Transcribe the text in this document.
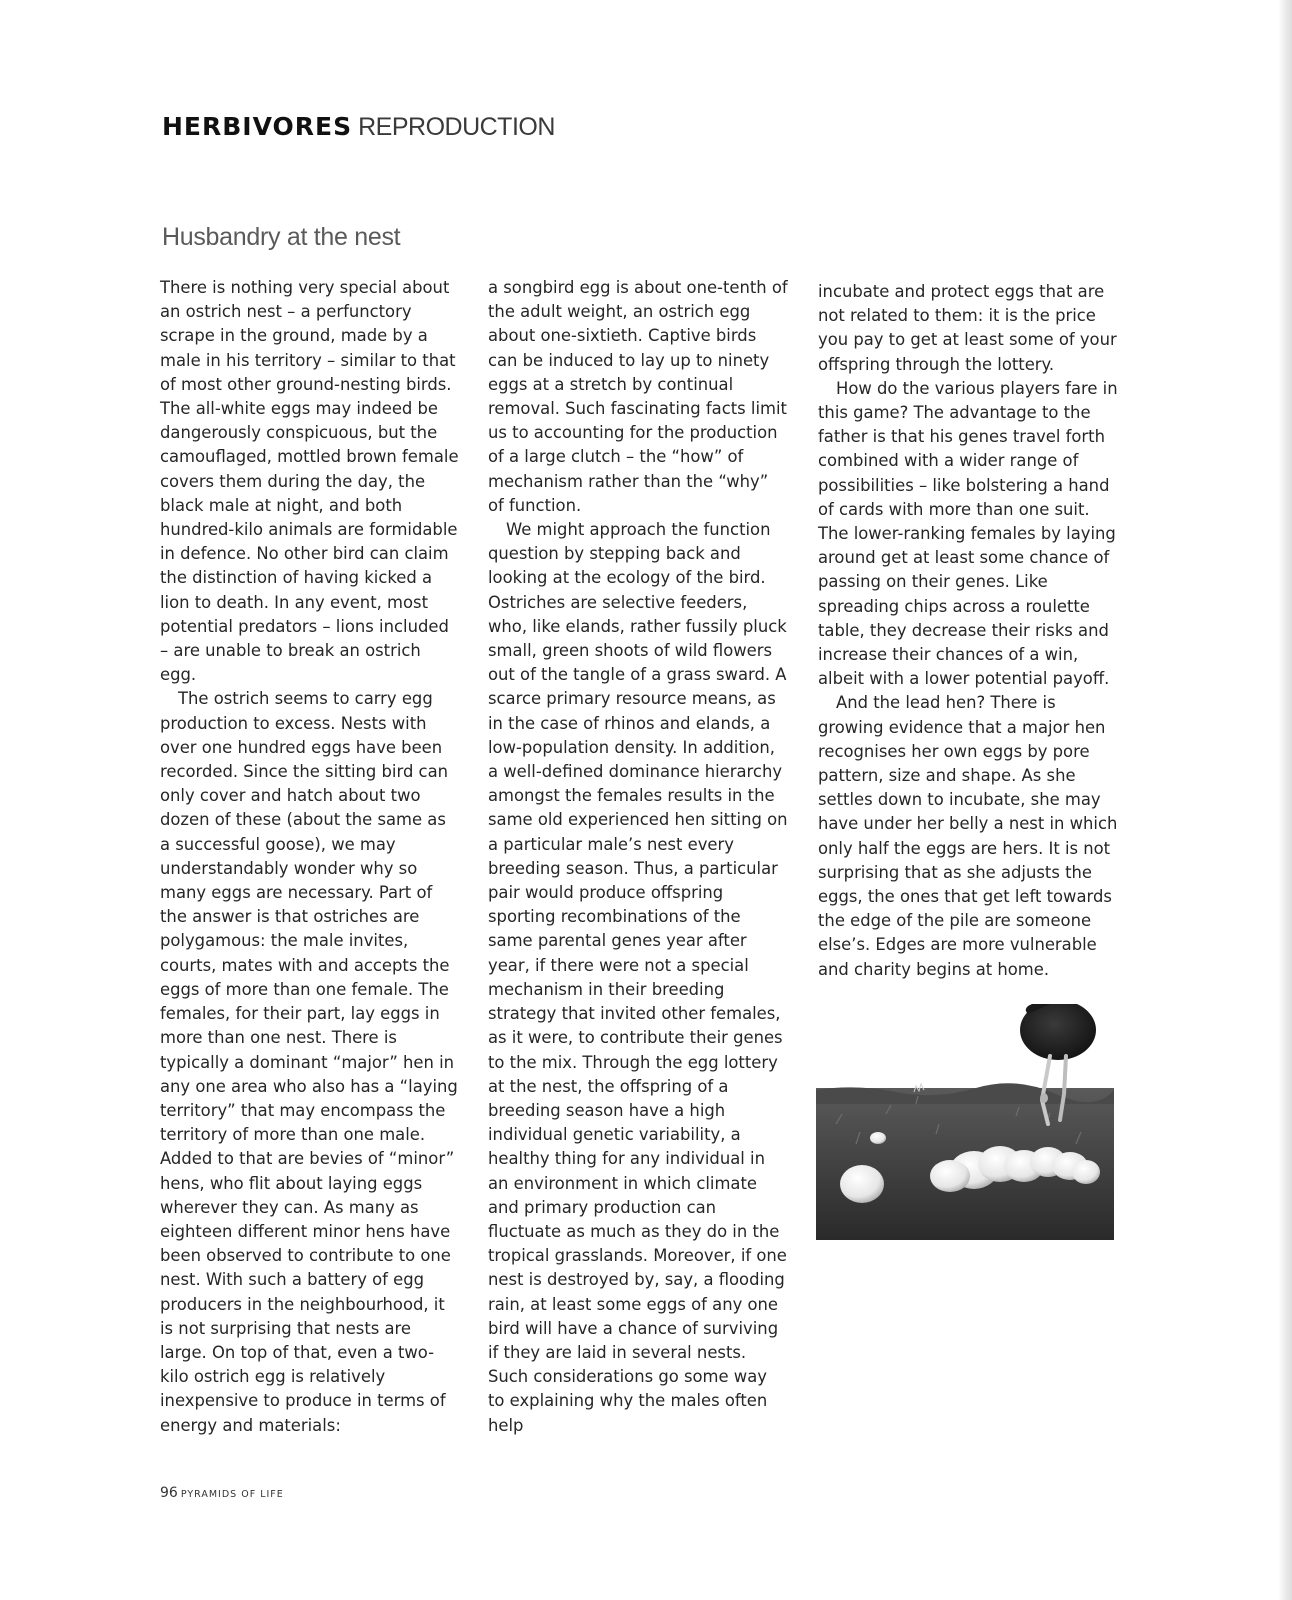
HERBIVORES REPRODUCTION
Husbandry at the nest

There is nothing very special about an ostrich nest – a perfunctory scrape in the ground, made by a male in his territory – similar to that of most other ground-nesting birds. The all-white eggs may indeed be dangerously conspicuous, but the camouflaged, mottled brown female covers them during the day, the black male at night, and both hundred-kilo animals are formidable in defence. No other bird can claim the distinction of having kicked a lion to death. In any event, most potential predators – lions included – are unable to break an ostrich egg.

The ostrich seems to carry egg production to excess. Nests with over one hundred eggs have been recorded. Since the sitting bird can only cover and hatch about two dozen of these (about the same as a successful goose), we may understandably wonder why so many eggs are necessary. Part of the answer is that ostriches are polygamous: the male invites, courts, mates with and accepts the eggs of more than one female. The females, for their part, lay eggs in more than one nest. There is typically a dominant “major” hen in any one area who also has a “laying territory” that may encompass the territory of more than one male. Added to that are bevies of “minor” hens, who flit about laying eggs wherever they can. As many as eighteen different minor hens have been observed to contribute to one nest. With such a battery of egg producers in the neighbourhood, it is not surprising that nests are large. On top of that, even a two-kilo ostrich egg is relatively inexpensive to produce in terms of energy and materials:

a songbird egg is about one-tenth of the adult weight, an ostrich egg about one-sixtieth. Captive birds can be induced to lay up to ninety eggs at a stretch by continual removal. Such fascinating facts limit us to accounting for the production of a large clutch – the “how” of mechanism rather than the “why” of function.

We might approach the function question by stepping back and looking at the ecology of the bird. Ostriches are selective feeders, who, like elands, rather fussily pluck small, green shoots of wild flowers out of the tangle of a grass sward. A scarce primary resource means, as in the case of rhinos and elands, a low-population density. In addition, a well-defined dominance hierarchy amongst the females results in the same old experienced hen sitting on a particular male’s nest every breeding season. Thus, a particular pair would produce offspring sporting recombinations of the same parental genes year after year, if there were not a special mechanism in their breeding strategy that invited other females, as it were, to contribute their genes to the mix. Through the egg lottery at the nest, the offspring of a breeding season have a high individual genetic variability, a healthy thing for any individual in an environment in which climate and primary production can fluctuate as much as they do in the tropical grasslands. Moreover, if one nest is destroyed by, say, a flooding rain, at least some eggs of any one bird will have a chance of surviving if they are laid in several nests. Such considerations go some way to explaining why the males often help

incubate and protect eggs that are not related to them: it is the price you pay to get at least some of your offspring through the lottery.

How do the various players fare in this game? The advantage to the father is that his genes travel forth combined with a wider range of possibilities – like bolstering a hand of cards with more than one suit. The lower-ranking females by laying around get at least some chance of passing on their genes. Like spreading chips across a roulette table, they decrease their risks and increase their chances of a win, albeit with a lower potential payoff.

And the lead hen? There is growing evidence that a major hen recognises her own eggs by pore pattern, size and shape. As she settles down to incubate, she may have under her belly a nest in which only half the eggs are hers. It is not surprising that as she adjusts the eggs, the ones that get left towards the edge of the pile are someone else’s. Edges are more vulnerable and charity begins at home.

96 PYRAMIDS OF LIFE
